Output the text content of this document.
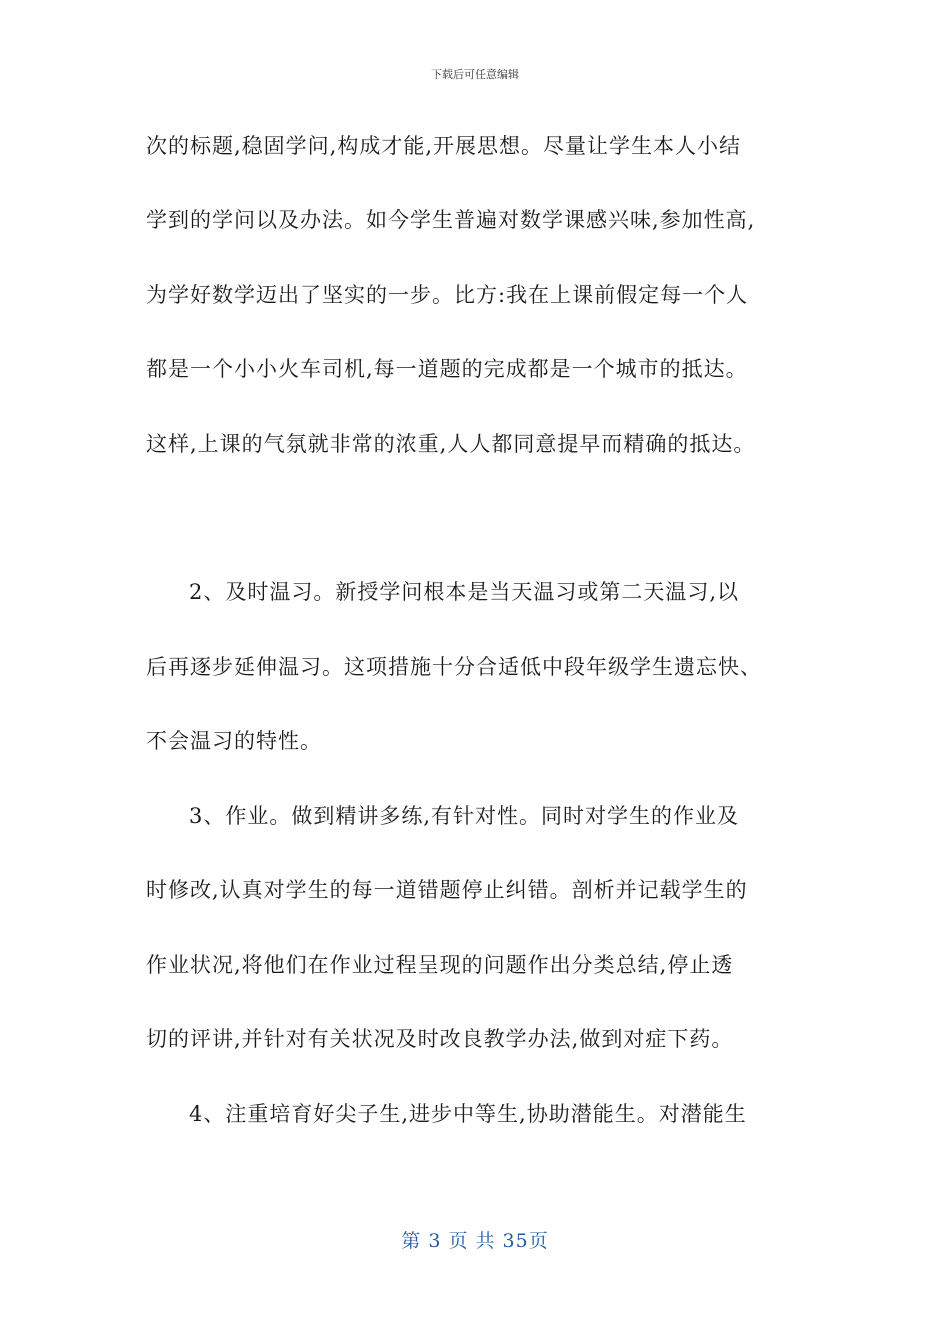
下载后可任意编辑
次的标题,稳固学问,构成才能,开展思想。尽量让学生本人小结
学到的学问以及办法。如今学生普遍对数学课感兴味,参加性高,
为学好数学迈出了坚实的一步。比方:我在上课前假定每一个人
都是一个小小火车司机,每一道题的完成都是一个城市的抵达。
这样,上课的气氛就非常的浓重,人人都同意提早而精确的抵达。
2、及时温习。新授学问根本是当天温习或第二天温习,以
后再逐步延伸温习。这项措施十分合适低中段年级学生遗忘快、
不会温习的特性。
3、作业。做到精讲多练,有针对性。同时对学生的作业及
时修改,认真对学生的每一道错题停止纠错。剖析并记载学生的
作业状况,将他们在作业过程呈现的问题作出分类总结,停止透
切的评讲,并针对有关状况及时改良教学办法,做到对症下药。
4、注重培育好尖子生,进步中等生,协助潜能生。对潜能生
第 3 页 共 35页
